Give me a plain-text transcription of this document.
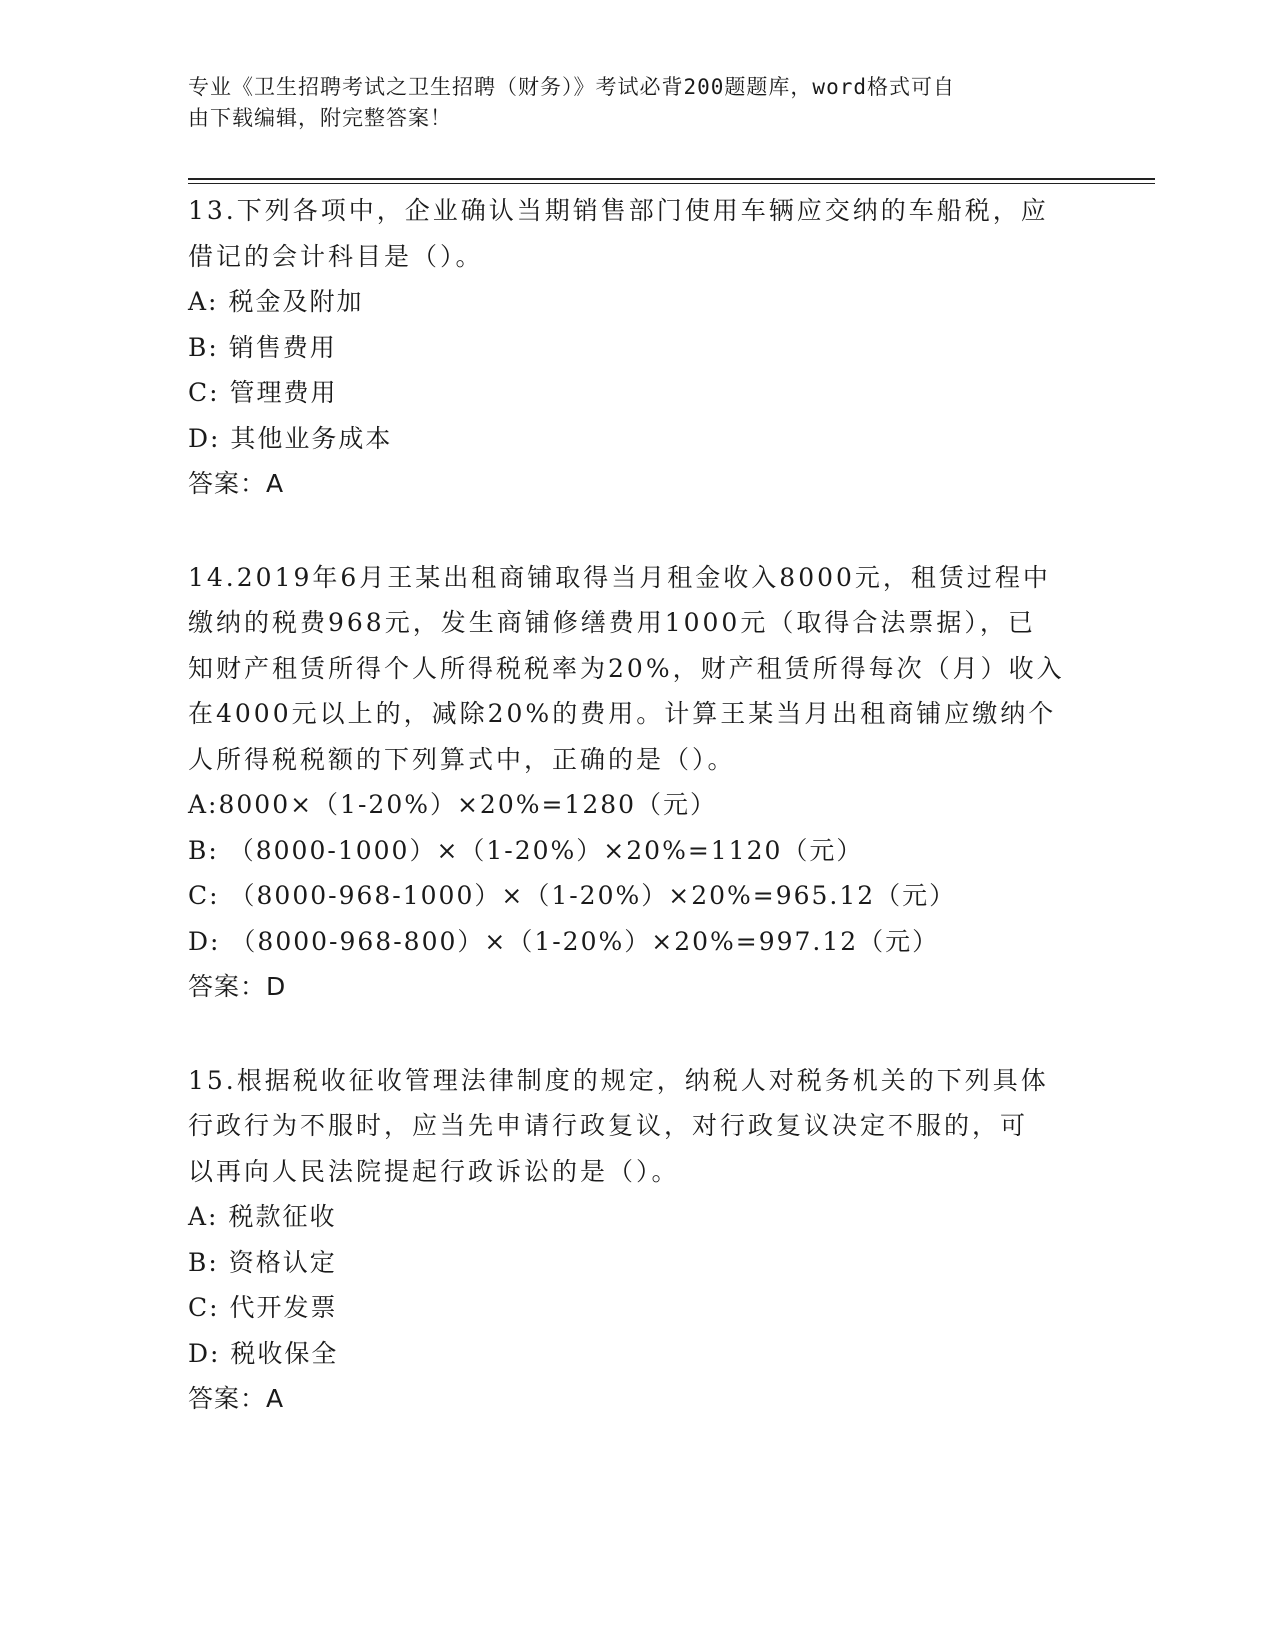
专业《卫生招聘考试之卫生招聘（财务）》考试必背200题题库，word格式可自
由下载编辑，附完整答案！

13.下列各项中，企业确认当期销售部门使用车辆应交纳的车船税，应

借记的会计科目是（）。

A: 税金及附加

B: 销售费用

C: 管理费用

D: 其他业务成本

答案：A

14.2019年6月王某出租商铺取得当月租金收入8000元，租赁过程中

缴纳的税费968元，发生商铺修缮费用1000元（取得合法票据），已

知财产租赁所得个人所得税税率为20%，财产租赁所得每次（月）收入

在4000元以上的，减除20%的费用。计算王某当月出租商铺应缴纳个

人所得税税额的下列算式中，正确的是（）。

A:8000×（1-20%）×20%=1280（元）

B: （8000-1000）×（1-20%）×20%=1120（元）

C: （8000-968-1000）×（1-20%）×20%=965.12（元）

D: （8000-968-800）×（1-20%）×20%=997.12（元）

答案：D

15.根据税收征收管理法律制度的规定，纳税人对税务机关的下列具体

行政行为不服时，应当先申请行政复议，对行政复议决定不服的，可

以再向人民法院提起行政诉讼的是（）。

A: 税款征收

B: 资格认定

C: 代开发票

D: 税收保全

答案：A
